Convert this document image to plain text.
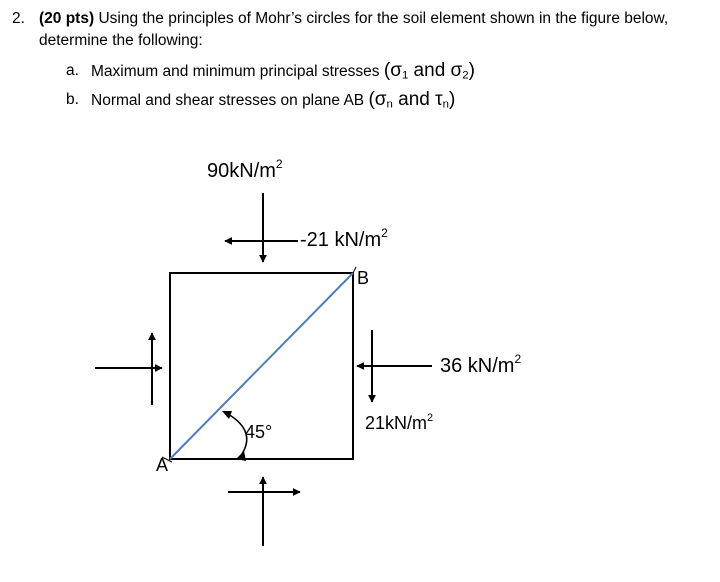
2. (20 pts) Using the principles of Mohr’s circles for the soil element shown in the figure below, determine the following:
a. Maximum and minimum principal stresses ($\sigma_1$ and $\sigma_2$)
b. Normal and shear stresses on plane AB ($\sigma_n$ and $\tau_n$)
$90kN/m^2$
-21 $kN/m^2$
36 $kN/m^2$
$21kN/m^2$
45°
A
B
